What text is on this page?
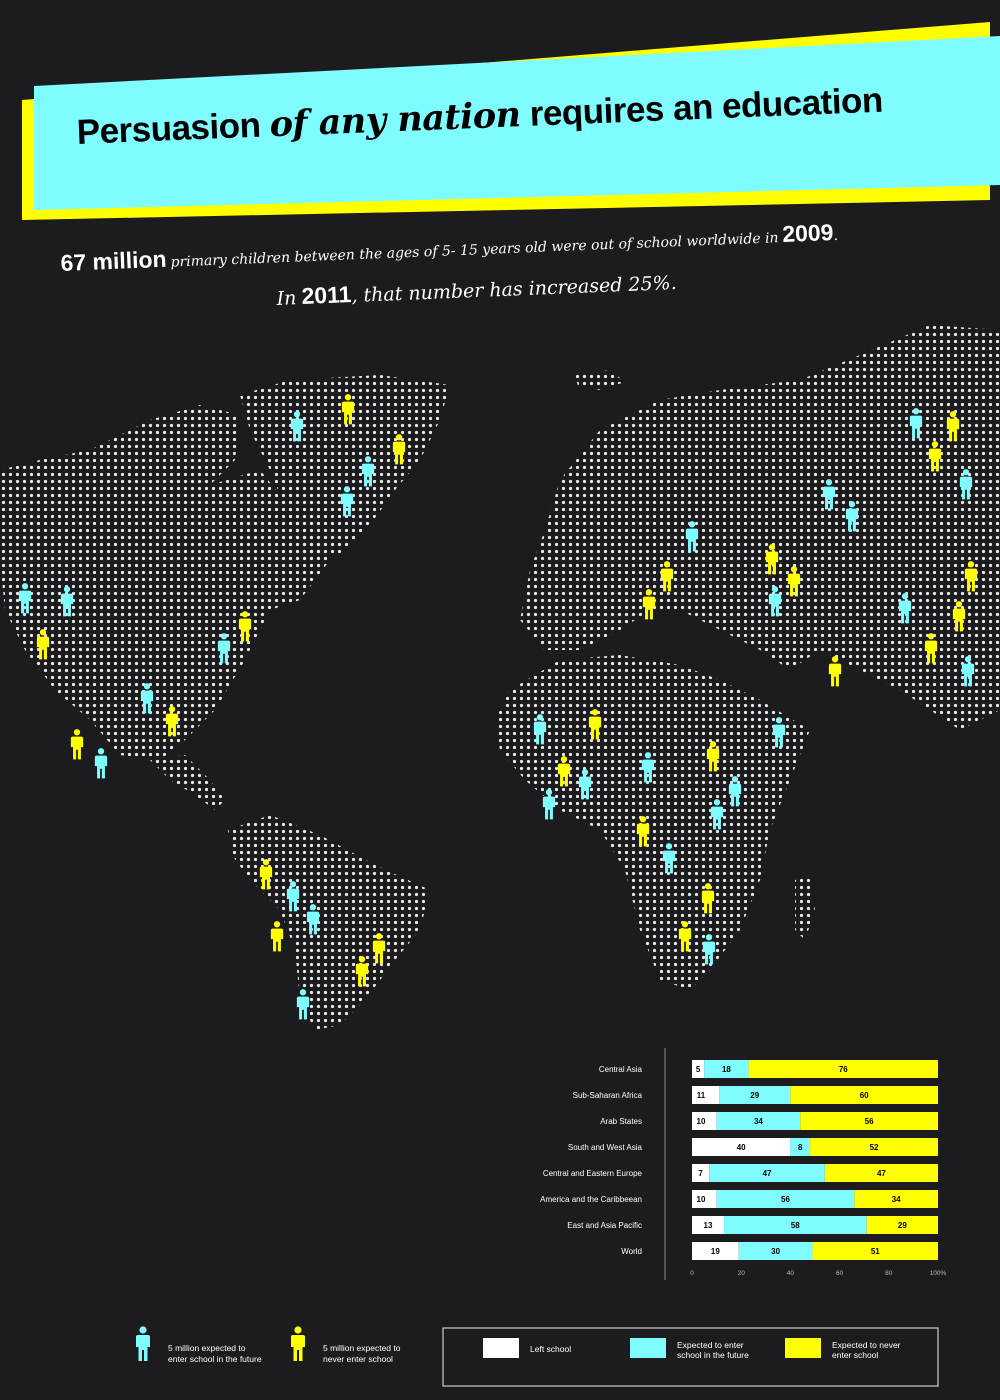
Persuasion of any nation requires an education
67 million primary children between the ages of 5- 15 years old were out of school worldwide in 2009.
In 2011, that number has increased 25%.
Central Asia	5	18	76
Sub-Saharan Africa	11	29	60
Arab States	10	34	56
South and West Asia	40	8	52
Central and Eastern Europe	7	47	47
America and the Caribbeean	10	56	34
East and Asia Pacific	13	58	29
World	19	30	51
0	20	40	60	80	100%
5 million expected to
enter school in the future
5 million expected to
never enter school
Left school	Expected to enter
school in the future
Expected to never
enter school
